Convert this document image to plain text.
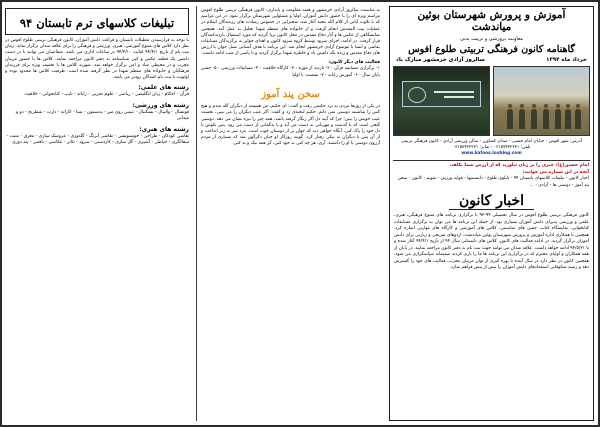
آموزش و پرورش شهرستان بوئین
میاندشت
معاونت پرورشی و تربیت بدنی
گاهنامه کانون فرهنگی تربیتی طلوع افوس
خرداد ماه ۱۳۹۴
سالروز آزادی خرمشهر مبارک باد
آدرس: شهر افوس - خیابان امام خمینی - میدان کشاورز - سالن ورزشی آزادی - کانون فرهنگی تربیتی
تلفن: ۰۳۱۵۷۴۳۲۲۳۱ - نمابر: ۰۳۱۵۷۴۳۲۲۳۱
www.kafoos.loxblog.com
امام حسین(ع): چیزی را بر زبان نیاورید که از ارزش شما بکاهد.
آنچه در این شماره می خوانید:
اخبار کانون - تبلیغات کلاسهای تابستان ۹۴ - تابلوی طلوع - دانستنیها - فواید ورزش - تقویم - کانون - سخن پند آموز - دوستی ها - آزادی - ...
اخبار کانون

کانون فرهنگی تربیتی طلوع افوس در سال تحصیلی ۹۴-۹۳ با برگزاری برنامه های متنوع فرهنگی، هنری، علمی و ورزشی پذیرای دانش آموزان بسیاری بود. از جمله این برنامه ها می توان به برگزاری مسابقات کتابخوانی، نمایشگاه کتاب، جشن های مناسبتی، کلاس های آموزشی و کارگاه های مهارتی اشاره کرد. همچنین با همکاری اداره آموزش و پرورش شهرستان بوئین میاندشت، اردوهای تفریحی و زیارتی برای دانش آموزان برگزار گردید. در ادامه فعالیت های کانون، کلاس های تابستانی سال ۹۴ از تاریخ ۹۴/۴/۱ آغاز شده و تا ۹۴/۵/۳۱ ادامه خواهد داشت. علاقه مندان می توانند جهت ثبت نام به دفتر کانون مراجعه نمایند. در پایان از همه همکاران و اولیای محترم که در برگزاری این برنامه ها ما را یاری کردند صمیمانه سپاسگزاری می شود. همچنین کانون در نظر دارد در سال آینده با بهره گیری از توان مربیان مجرب، فعالیت های خود را گسترش دهد و زمینه شکوفایی استعدادهای دانش آموزان را بیش از پیش فراهم سازد.

به مناسبت سالروز آزادی خرمشهر و هفته مقاومت و پایداری، کانون فرهنگی تربیتی طلوع افوس مراسم ویژه ای را با حضور دانش آموزان، اولیا و مسئولین شهرستان برگزار نمود. در این مراسم که با تلاوت آیاتی از کلام الله مجید آغاز شد، سخنرانی در خصوص رشادت های رزمندگان اسلام در عملیات بیت المقدس انجام گرفت و از خانواده های معظم شهدا تجلیل به عمل آمد. همچنین نمایشگاهی از عکس ها و آثار دفاع مقدس در محل کانون برپا گردید که مورد استقبال بازدیدکنندگان قرار گرفت. در ادامه، اجرای سرود توسط گروه سرود کانون و اهدای جوایز به برگزیدگان مسابقات نقاشی و انشا با موضوع آزادی خرمشهر انجام شد. این برنامه با هدف آشنایی نسل جوان با ارزش های دفاع مقدس و زنده نگه داشتن یاد و خاطره شهدا برگزار گردید و تا پاسی از شب ادامه داشت.

فعالیت های دیگر کانون:

۱- برگزاری مسابقه قرآن - ۲- بازدید از موزه - ۳- کارگاه خلاقیت - ۴- مسابقات ورزشی - ۵- جشن پایان سال - ۶- آموزش رایانه - ۷- نشست با اولیا

سخن پند آموز

در یکی از روزها مردی به نزد حکیمی رفت و گفت: ای حکیم، من همیشه از دیگران گله مندم و هیچ کس را شایسته دوستی نمی دانم. حکیم لبخندی زد و گفت: اگر عیب دیگران را می بینی، نخست عیب خویش را ببین؛ چرا که آینه دل اگر زنگار گرفته باشد، همه چیز را تیره نشان می دهد. دوستی گنجی است که با گذشت و مهربانی به دست می آید و با بدگمانی از دست می رود. پس بکوش تا دل خود را پاک کنی، آنگاه خواهی دید که جهان پر از دوستان خوب است. مرد سر به زیر انداخت و از آن پس با دیگران به نیکی رفتار کرد. گویند روزگار او چنان دگرگون شد که بسیاری از مردم آرزوی دوستی با او را داشتند. آری، هر چه کنی به خود کنی، گر همه نیک و بد کنی.

تبلیغات کلاسهای ترم تابستان ۹۴

با توجه به فرارسیدن تعطیلات تابستان و فراغت دانش آموزان، کانون فرهنگی تربیتی طلوع افوس در نظر دارد کلاس های متنوع آموزشی، هنری، ورزشی و فرهنگی را برای علاقه مندان برگزار نماید. زمان ثبت نام از تاریخ ۹۴/۴/۱ لغایت ۹۴/۴/۱۰ در ساعات اداری می باشد. متقاضیان می توانند با در دست داشتن یک قطعه عکس و کپی شناسنامه به دفتر کانون مراجعه نمایند. کلاس ها با حضور مربیان مجرب و در محیطی شاد و امن برگزار خواهد شد. شهریه کلاس ها با تخفیف ویژه برای فرزندان فرهنگیان و خانواده های معظم شهدا در نظر گرفته شده است. ظرفیت کلاس ها محدود بوده و اولویت با ثبت نام کنندگان زودتر می باشد.

رشته های علمی:

قرآن - احکام - زبان انگلیسی - ریاضی - علوم تجربی - رایانه - تایپ - کتابخوانی - خلاقیت

رشته های ورزشی:

فوتسال - والیبال - بسکتبال - تنیس روی میز - بدمینتون - شنا - کاراته - دارت - شطرنج - دو و میدانی

رشته های هنری:

نقاشی کودکان - طراحی - خوشنویسی - نقاشی آبرنگ - گلدوزی - عروسک سازی - معرق - منبت - سفالگری - خیاطی - آشپزی - گل سازی - کاردستی - سرود - تئاتر - عکاسی - بافتنی - پته دوزی
